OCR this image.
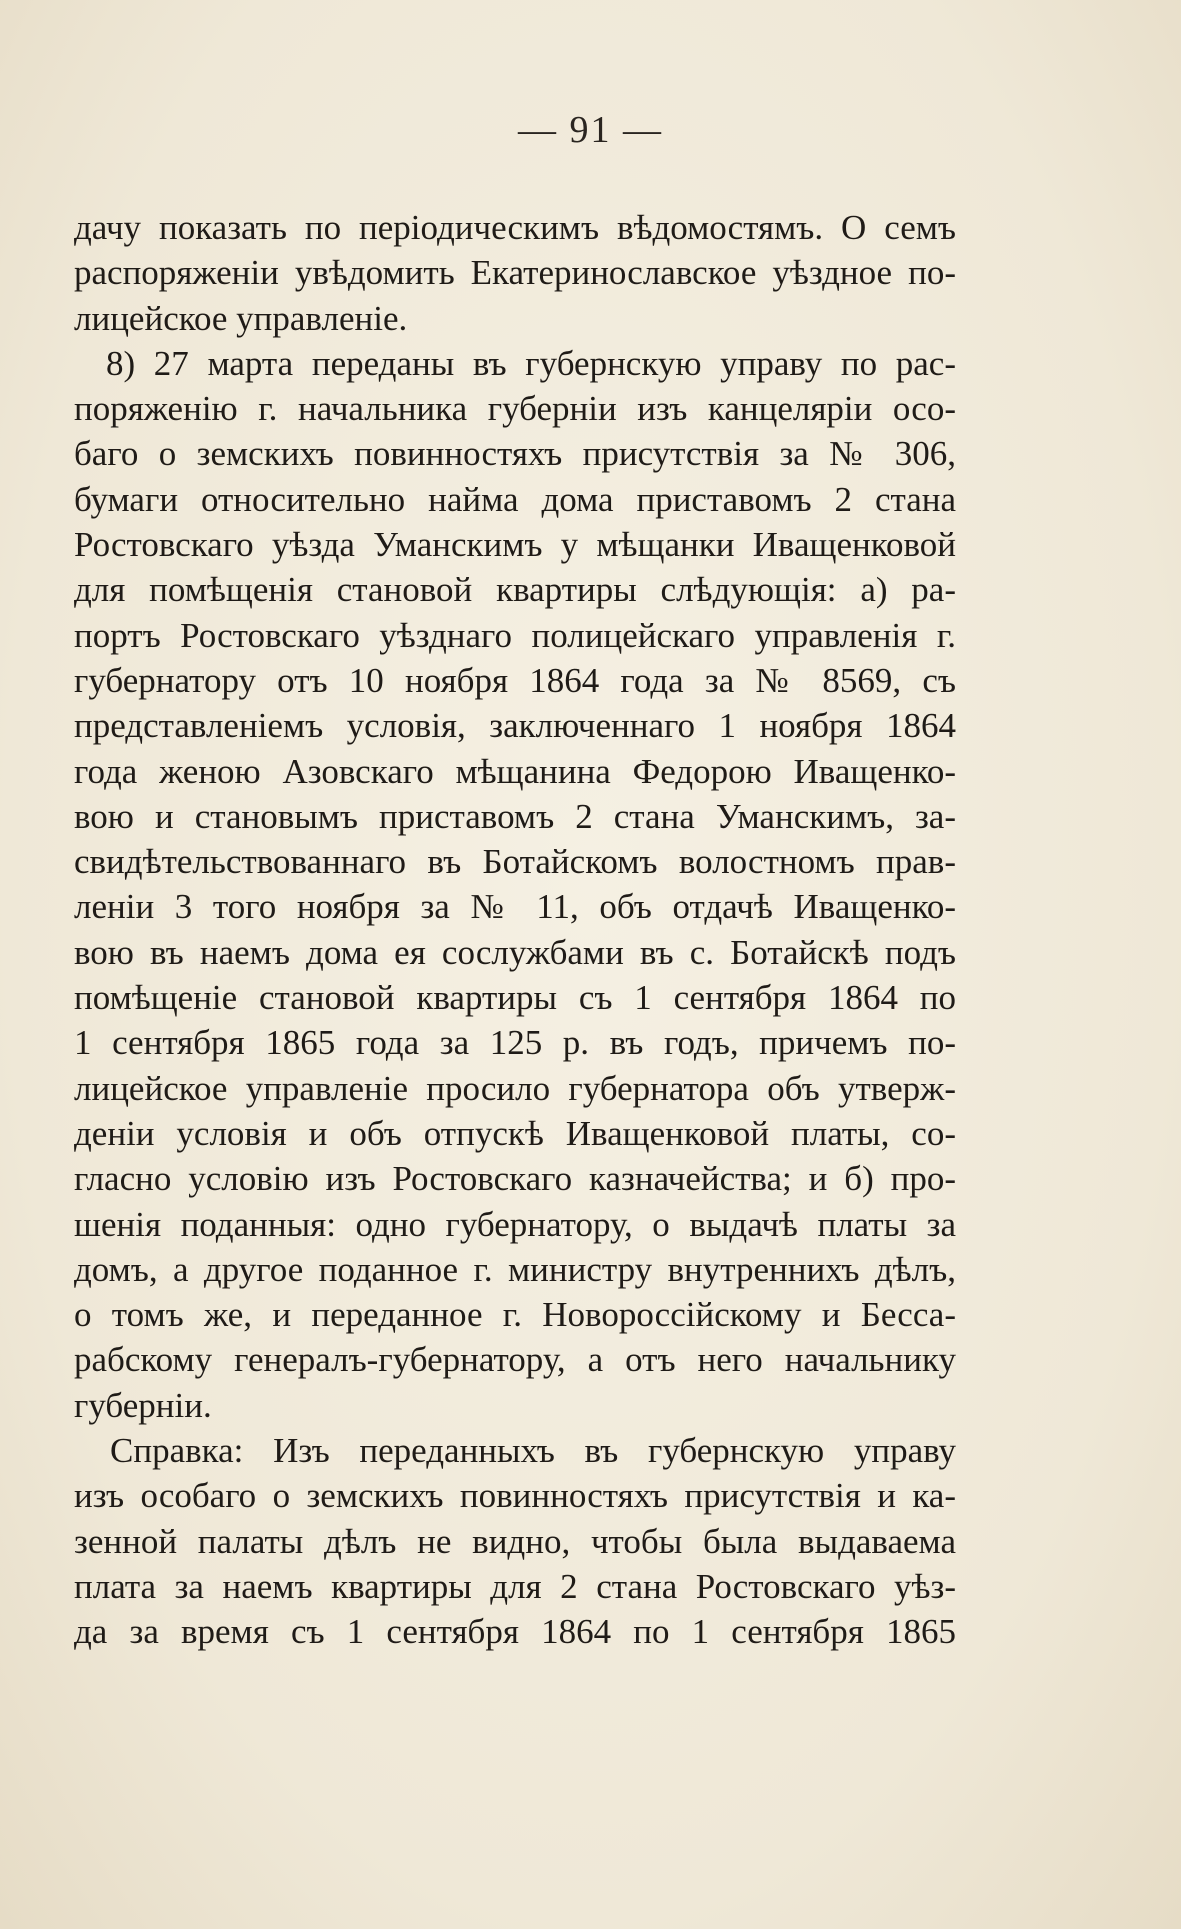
— 91 —
дачу показать по періодическимъ вѣдомостямъ. О семъ
распоряженіи увѣдомить Екатеринославское уѣздное по-
лицейское управленіе.
8) 27 марта переданы въ губернскую управу по рас-
поряженію г. начальника губерніи изъ канцеляріи осо-
баго о земскихъ повинностяхъ присутствія за № 306,
бумаги относительно найма дома приставомъ 2 стана
Ростовскаго уѣзда Уманскимъ у мѣщанки Иващенковой
для помѣщенія становой квартиры слѣдующія: а) ра-
портъ Ростовскаго уѣзднаго полицейскаго управленія г.
губернатору отъ 10 ноября 1864 года за № 8569, съ
представленіемъ условія, заключеннаго 1 ноября 1864
года женою Азовскаго мѣщанина Федорою Иващенко-
вою и становымъ приставомъ 2 стана Уманскимъ, за-
свидѣтельствованнаго въ Ботайскомъ волостномъ прав-
леніи 3 того ноября за № 11, объ отдачѣ Иващенко-
вою въ наемъ дома ея сослужбами въ с. Ботайскѣ подъ
помѣщеніе становой квартиры съ 1 сентября 1864 по
1 сентября 1865 года за 125 р. въ годъ, причемъ по-
лицейское управленіе просило губернатора объ утверж-
деніи условія и объ отпускѣ Иващенковой платы, со-
гласно условію изъ Ростовскаго казначейства; и б) про-
шенія поданныя: одно губернатору, о выдачѣ платы за
домъ, а другое поданное г. министру внутреннихъ дѣлъ,
о томъ же, и переданное г. Новороссійскому и Бесса-
рабскому генералъ-губернатору, а отъ него начальнику
губерніи.
Справка: Изъ переданныхъ въ губернскую управу
изъ особаго о земскихъ повинностяхъ присутствія и ка-
зенной палаты дѣлъ не видно, чтобы была выдаваема
плата за наемъ квартиры для 2 стана Ростовскаго уѣз-
да за время съ 1 сентября 1864 по 1 сентября 1865
